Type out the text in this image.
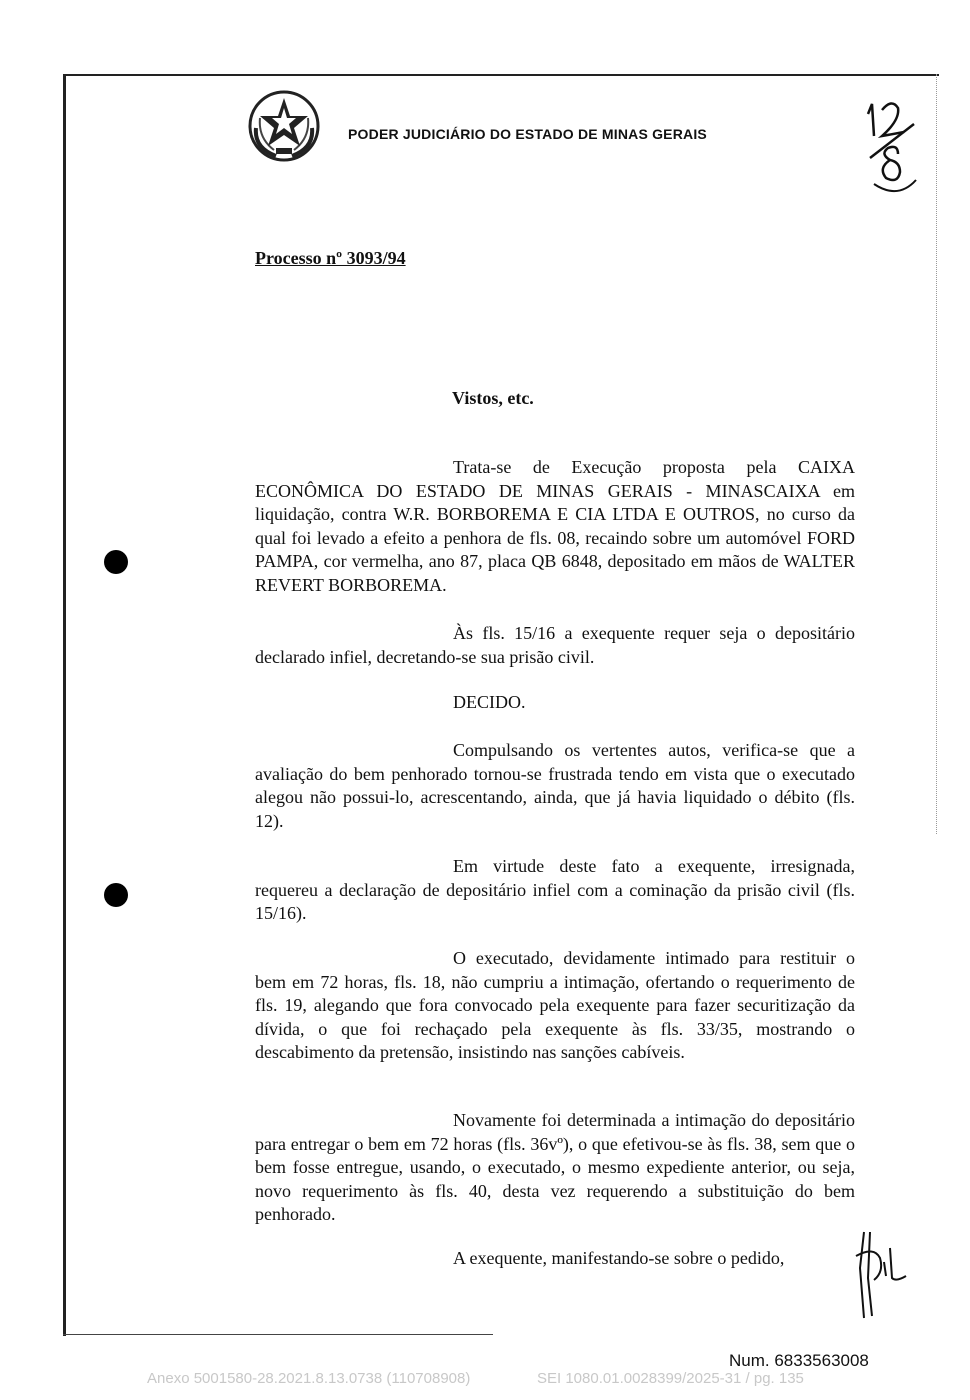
PODER JUDICIÁRIO DO ESTADO DE MINAS GERAIS
Processo nº 3093/94
Vistos, etc.

Trata-se de Execução proposta pela CAIXA ECONÔMICA DO ESTADO DE MINAS GERAIS - MINASCAIXA em liquidação, contra W.R. BORBOREMA E CIA LTDA E OUTROS, no curso da qual foi levado a efeito a penhora de fls. 08, recaindo sobre um automóvel FORD PAMPA, cor vermelha, ano 87, placa QB 6848, depositado em mãos de WALTER REVERT BORBOREMA.

Às fls. 15/16 a exequente requer seja o depositário declarado infiel, decretando-se sua prisão civil.

DECIDO.

Compulsando os vertentes autos, verifica-se que a avaliação do bem penhorado tornou-se frustrada tendo em vista que o executado alegou não possui-lo, acrescentando, ainda, que já havia liquidado o débito (fls. 12).

Em virtude deste fato a exequente, irresignada, requereu a declaração de depositário infiel com a cominação da prisão civil (fls. 15/16).

O executado, devidamente intimado para restituir o bem em 72 horas, fls. 18, não cumpriu a intimação, ofertando o requerimento de fls. 19, alegando que fora convocado pela exequente para fazer securitização da dívida, o que foi rechaçado pela exequente às fls. 33/35, mostrando o descabimento da pretensão, insistindo nas sanções cabíveis.

Novamente foi determinada a intimação do depositário para entregar o bem em 72 horas (fls. 36vº), o que efetivou-se às fls. 38, sem que o bem fosse entregue, usando, o executado, o mesmo expediente anterior, ou seja, novo requerimento às fls. 40, desta vez requerendo a substituição do bem penhorado.

A exequente, manifestando-se sobre o pedido,

Num. 6833563008
Anexo 5001580-28.2021.8.13.0738 (110708908)	SEI 1080.01.0028399/2025-31 / pg. 135
